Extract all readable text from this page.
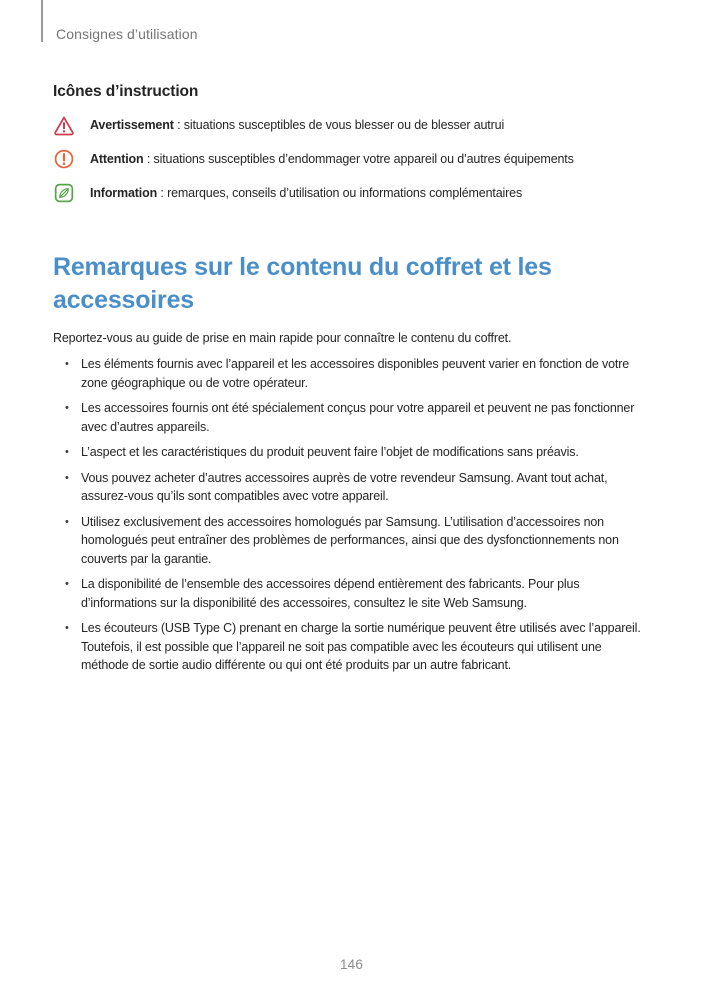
Consignes d’utilisation
Icônes d’instruction
Avertissement : situations susceptibles de vous blesser ou de blesser autrui
Attention : situations susceptibles d’endommager votre appareil ou d’autres équipements
Information : remarques, conseils d’utilisation ou informations complémentaires
Remarques sur le contenu du coffret et les accessoires

Reportez-vous au guide de prise en main rapide pour connaître le contenu du coffret.

• Les éléments fournis avec l’appareil et les accessoires disponibles peuvent varier en fonction de votre zone géographique ou de votre opérateur.
• Les accessoires fournis ont été spécialement conçus pour votre appareil et peuvent ne pas fonctionner avec d’autres appareils.
• L’aspect et les caractéristiques du produit peuvent faire l’objet de modifications sans préavis.
• Vous pouvez acheter d’autres accessoires auprès de votre revendeur Samsung. Avant tout achat, assurez-vous qu’ils sont compatibles avec votre appareil.
• Utilisez exclusivement des accessoires homologués par Samsung. L’utilisation d’accessoires non homologués peut entraîner des problèmes de performances, ainsi que des dysfonctionnements non couverts par la garantie.
• La disponibilité de l’ensemble des accessoires dépend entièrement des fabricants. Pour plus d’informations sur la disponibilité des accessoires, consultez le site Web Samsung.
• Les écouteurs (USB Type C) prenant en charge la sortie numérique peuvent être utilisés avec l’appareil. Toutefois, il est possible que l’appareil ne soit pas compatible avec les écouteurs qui utilisent une méthode de sortie audio différente ou qui ont été produits par un autre fabricant.
146
